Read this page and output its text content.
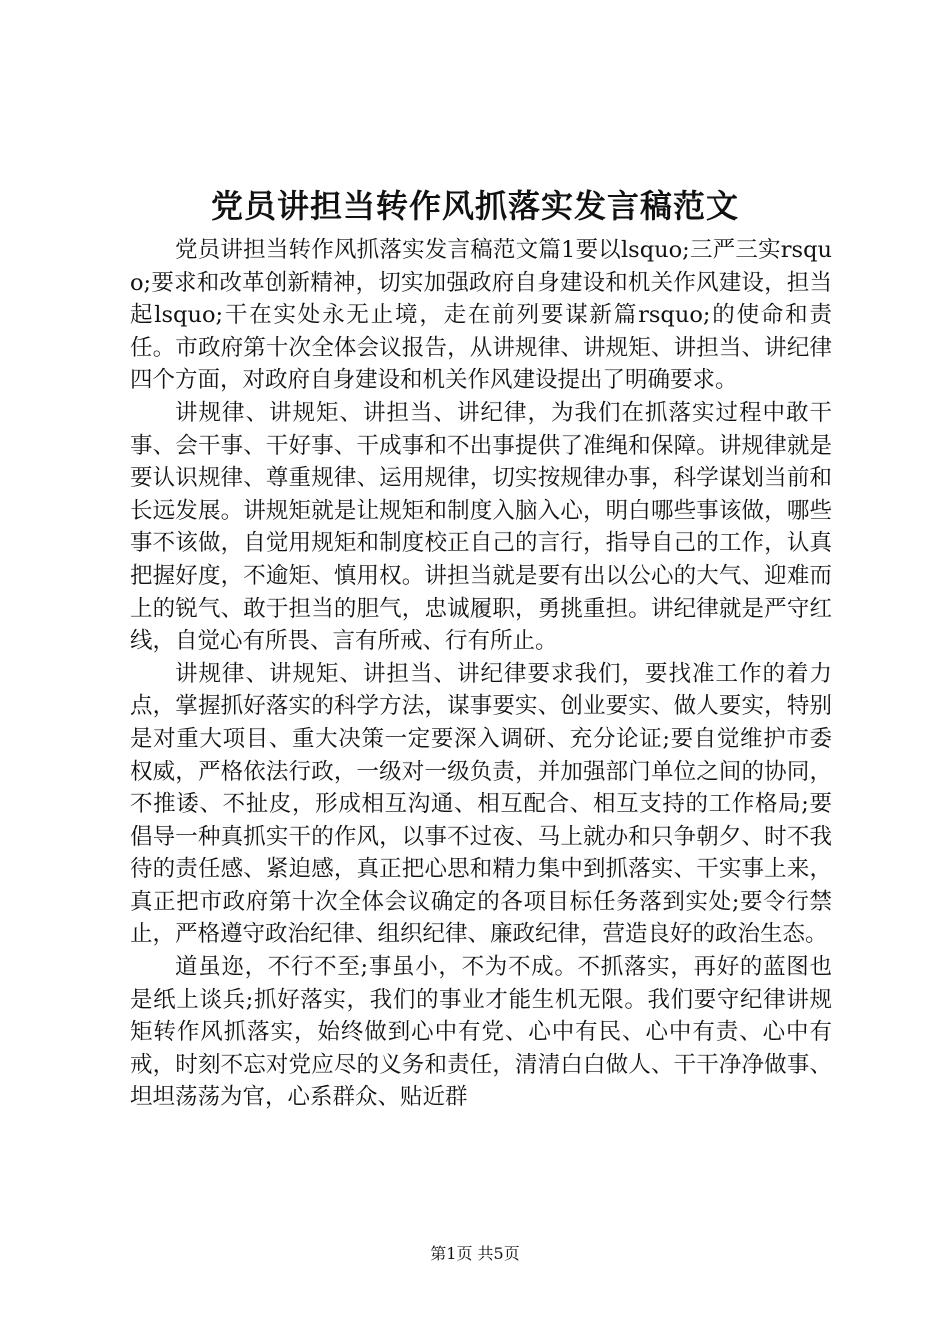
党员讲担当转作风抓落实发言稿范文

党员讲担当转作风抓落实发言稿范文篇1要以lsquo;三严三实rsquo;要求和改革创新精神，切实加强政府自身建设和机关作风建设，担当起lsquo;干在实处永无止境，走在前列要谋新篇rsquo;的使命和责任。市政府第十次全体会议报告，从讲规律、讲规矩、讲担当、讲纪律四个方面，对政府自身建设和机关作风建设提出了明确要求。

讲规律、讲规矩、讲担当、讲纪律，为我们在抓落实过程中敢干事、会干事、干好事、干成事和不出事提供了准绳和保障。讲规律就是要认识规律、尊重规律、运用规律，切实按规律办事，科学谋划当前和长远发展。讲规矩就是让规矩和制度入脑入心，明白哪些事该做，哪些事不该做，自觉用规矩和制度校正自己的言行，指导自己的工作，认真把握好度，不逾矩、慎用权。讲担当就是要有出以公心的大气、迎难而上的锐气、敢于担当的胆气，忠诚履职，勇挑重担。讲纪律就是严守红线，自觉心有所畏、言有所戒、行有所止。

讲规律、讲规矩、讲担当、讲纪律要求我们，要找准工作的着力点，掌握抓好落实的科学方法，谋事要实、创业要实、做人要实，特别是对重大项目、重大决策一定要深入调研、充分论证;要自觉维护市委权威，严格依法行政，一级对一级负责，并加强部门单位之间的协同，不推诿、不扯皮，形成相互沟通、相互配合、相互支持的工作格局;要倡导一种真抓实干的作风，以事不过夜、马上就办和只争朝夕、时不我待的责任感、紧迫感，真正把心思和精力集中到抓落实、干实事上来，真正把市政府第十次全体会议确定的各项目标任务落到实处;要令行禁止，严格遵守政治纪律、组织纪律、廉政纪律，营造良好的政治生态。

道虽迩，不行不至;事虽小，不为不成。不抓落实，再好的蓝图也是纸上谈兵;抓好落实，我们的事业才能生机无限。我们要守纪律讲规矩转作风抓落实，始终做到心中有党、心中有民、心中有责、心中有戒，时刻不忘对党应尽的义务和责任，清清白白做人、干干净净做事、坦坦荡荡为官，心系群众、贴近群

第1页 共5页
